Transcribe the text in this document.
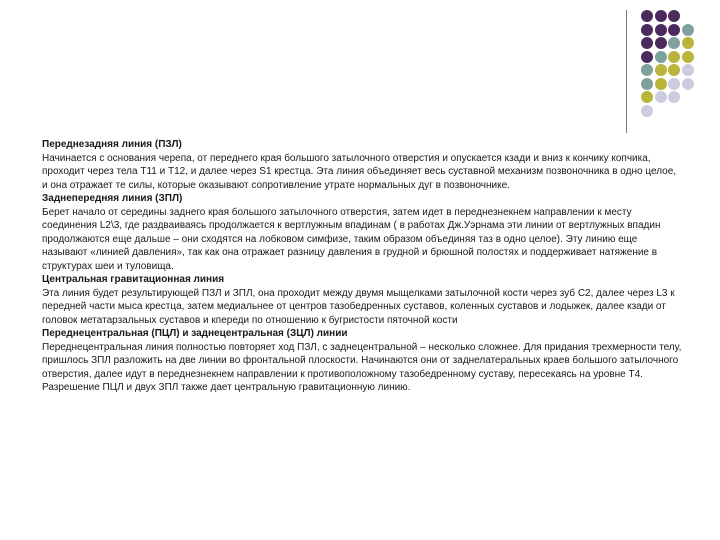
Переднезадняя линия (ПЗЛ)

Начинается с основания черепа, от переднего края большого затылочного отверстия и опускается кзади и вниз к кончику копчика, проходит через тела Т11 и Т12, и далее через S1 крестца. Эта линия объединяет весь суставной механизм позвоночника в одно целое, и она отражает те силы, которые оказывают сопротивление утрате нормальных дуг в позвоночнике.

Заднепередняя линия (ЗПЛ)

Берет начало от середины заднего края большого затылочного отверстия, затем идет в переднезнекнем направлении к месту соединения L2\3, где раздваиваясь продолжается к вертлужным впадинам ( в работах Дж.Уэрнама эти линии от вертлужных впадин продолжаются еще дальше – они сходятся на лобковом симфизе, таким образом объединяя таз в одно целое). Эту линию еще называют «линией давления», так как она отражает разницу давления в грудной и брюшной полостях и поддерживает натяжение в структурах шеи и туловища.

Центральная гравитационная линия

Эта линия будет результирующей ПЗЛ и ЗПЛ, она проходит между двумя мыщелками затылочной кости через зуб С2, далее через L3 к передней части мыса крестца, затем медиальнее от центров тазобедренных суставов, коленных суставов и лодыжек, далее кзади от головок метатарзальных суставов и кпереди по отношению к бугристости пяточной кости

Переднецентральная (ПЦЛ) и заднецентральная (ЗЦЛ) линии

Переднецентральная линия полностью повторяет ход ПЗЛ, с заднецентральной – несколько сложнее. Для придания трехмерности телу, пришлось ЗПЛ разложить на две линии во фронтальной плоскости. Начинаются они от заднелатеральных краев большого затылочного отверстия, далее идут в переднезнекнем направлении к противоположному тазобедренному суставу, пересекаясь на уровне Т4. Разрешение ПЦЛ и двух ЗПЛ также дает центральную гравитационную линию.
